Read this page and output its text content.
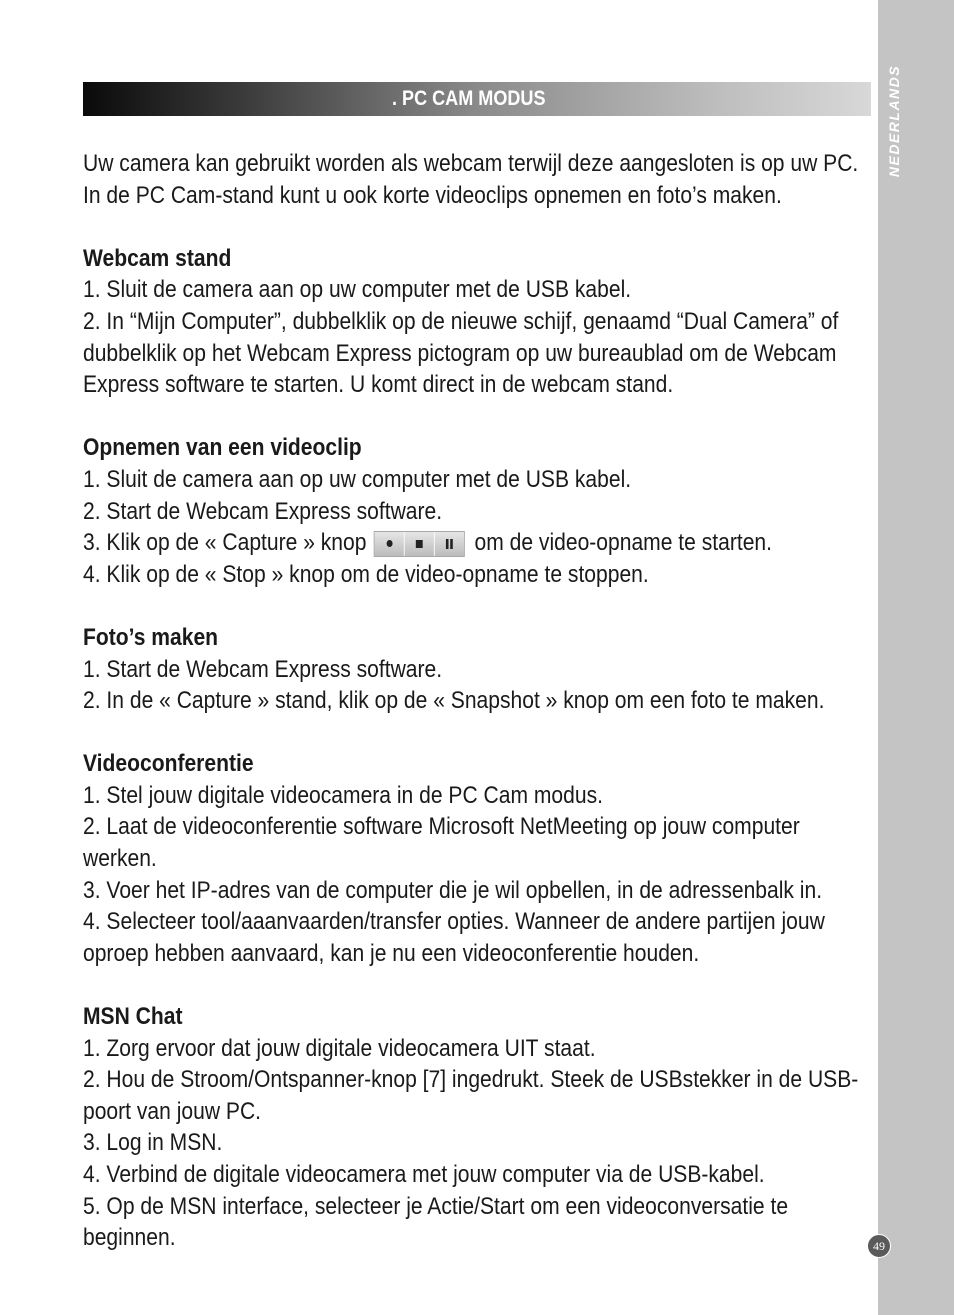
NEDERLANDS
. PC CAM MODUS
Uw camera kan gebruikt worden als webcam terwijl deze aangesloten is op uw PC.
In de PC Cam-stand kunt u ook korte videoclips opnemen en foto’s maken.
Webcam stand
1. Sluit de camera aan op uw computer met de USB kabel.
2. In “Mijn Computer”, dubbelklik op de nieuwe schijf, genaamd “Dual Camera” of
dubbelklik op het Webcam Express pictogram op uw bureaublad om de Webcam
Express software te starten. U komt direct in de webcam stand.
Opnemen van een videoclip
1. Sluit de camera aan op uw computer met de USB kabel.
2. Start de Webcam Express software.
3. Klik op de « Capture » knop	om de video-opname te starten.
4. Klik op de « Stop » knop om de video-opname te stoppen.
Foto’s maken
1. Start de Webcam Express software.
2. In de « Capture » stand, klik op de « Snapshot » knop om een foto te maken.
Videoconferentie
1. Stel jouw digitale videocamera in de PC Cam modus.
2. Laat de videoconferentie software Microsoft NetMeeting op jouw computer
werken.
3. Voer het IP-adres van de computer die je wil opbellen, in de adressenbalk in.
4. Selecteer tool/aaanvaarden/transfer opties. Wanneer de andere partijen jouw
oproep hebben aanvaard, kan je nu een videoconferentie houden.
MSN Chat
1. Zorg ervoor dat jouw digitale videocamera UIT staat.
2. Hou de Stroom/Ontspanner-knop [7] ingedrukt. Steek de USBstekker in de USB-
poort van jouw PC.
3. Log in MSN.
4. Verbind de digitale videocamera met jouw computer via de USB-kabel.
5. Op de MSN interface, selecteer je Actie/Start om een videoconversatie te
beginnen.	49
